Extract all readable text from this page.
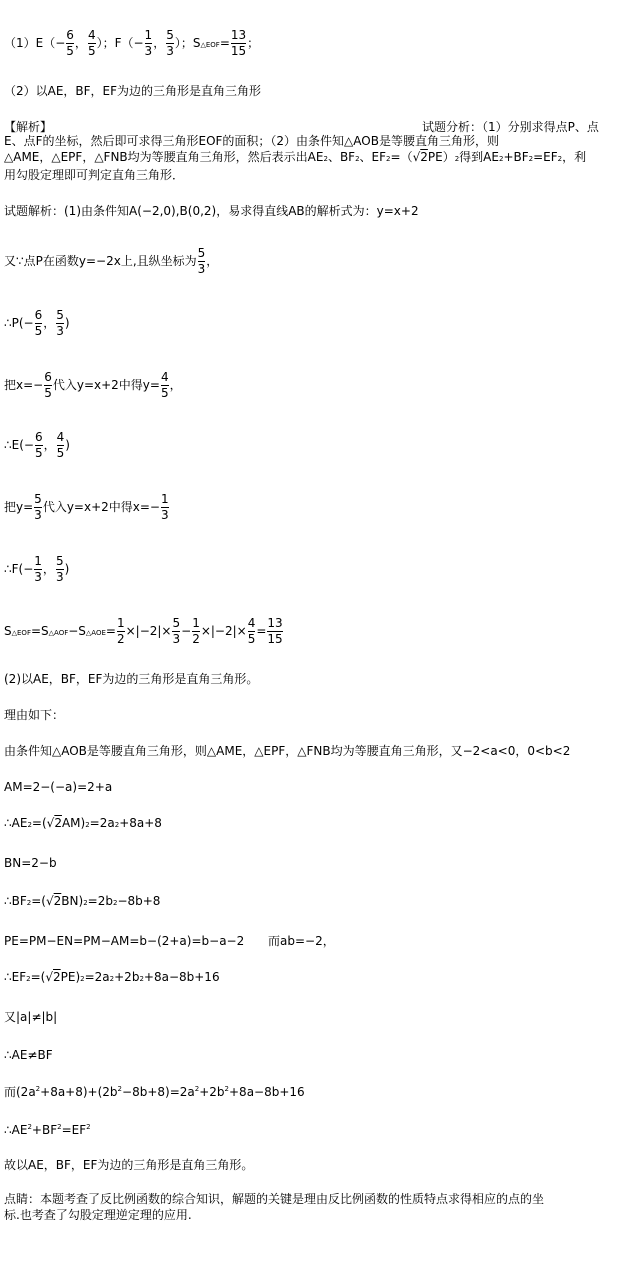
$(1)E(- \frac{6}{5}$ ， $\frac{4}{5}$ ）；$F(- \frac{1}{3}$ ， $\frac{5}{3}$ ）；S△EOF= $\frac{13}{15}$ ；
（2）以AE，BF，EF为边的三角形是直角三角形
【解析】	试题分析：（1）分别求得点P、点
E、点F的坐标，然后即可求得三角形EOF的面积；（2）由条件知△AOB是等腰直角三角形，则
△AME，△EPF，△FNB均为等腰直角三角形，然后表示出AE2、BF2、EF2=（√2PE）2得到AE2+BF2=EF2，利
用勾股定理即可判定直角三角形．
试题解析：(1)由条件知A(−2,0),B(0,2)，易求得直线AB的解析式为：y=x+2
又∵点P在函数y=−2x上,且纵坐标为 $\frac{5}{3}$ ，
∴P(− $\frac{6}{5}$ ， $\frac{5}{3}$ )
把$x=- \frac{6}{5}$ 代入y=x+2中得$y= \frac{4}{5}$ ，
∴E(− $\frac{6}{5}$ ， $\frac{4}{5}$ )
把$y= \frac{5}{3}$ 代入y=x+2中得$x=- \frac{1}{3}$
∴F(− $\frac{1}{3}$ ， $\frac{5}{3}$ )
S△EOF=S△AOF−S△AOE= $\frac{1}{2} \times|-2|\times \frac{5}{3} - \frac{1}{2} \times|-2|\times \frac{4}{5} = \frac{13}{15}$
(2)以AE，BF，EF为边的三角形是直角三角形。
理由如下：
由条件知△AOB是等腰直角三角形，则△AME，△EPF，△FNB均为等腰直角三角形，又−2<a<0，0<b<2
AM=2−(−a)=2+a
∴AE2=(√2AM)2=2a2+8a+8
BN=2−b
∴BF2=(√2BN)2=2b2−8b+8
PE=PM−EN=PM−AM=b−(2+a)=b−a−2 而ab=−2，
∴EF2=(√2PE)2=2a2+2b2+8a−8b+16
又|a|≠|b|
∴AE≠BF
而$(2a^2+8a+8)+(2b^2-8b+8)=2a^2+2b^2+8a-8b+16$
$\therefore AE^2+BF^2=EF^2$
故以AE，BF，EF为边的三角形是直角三角形。
点睛：本题考查了反比例函数的综合知识，解题的关键是理由反比例函数的性质特点求得相应的点的坐
标.也考查了勾股定理逆定理的应用.
